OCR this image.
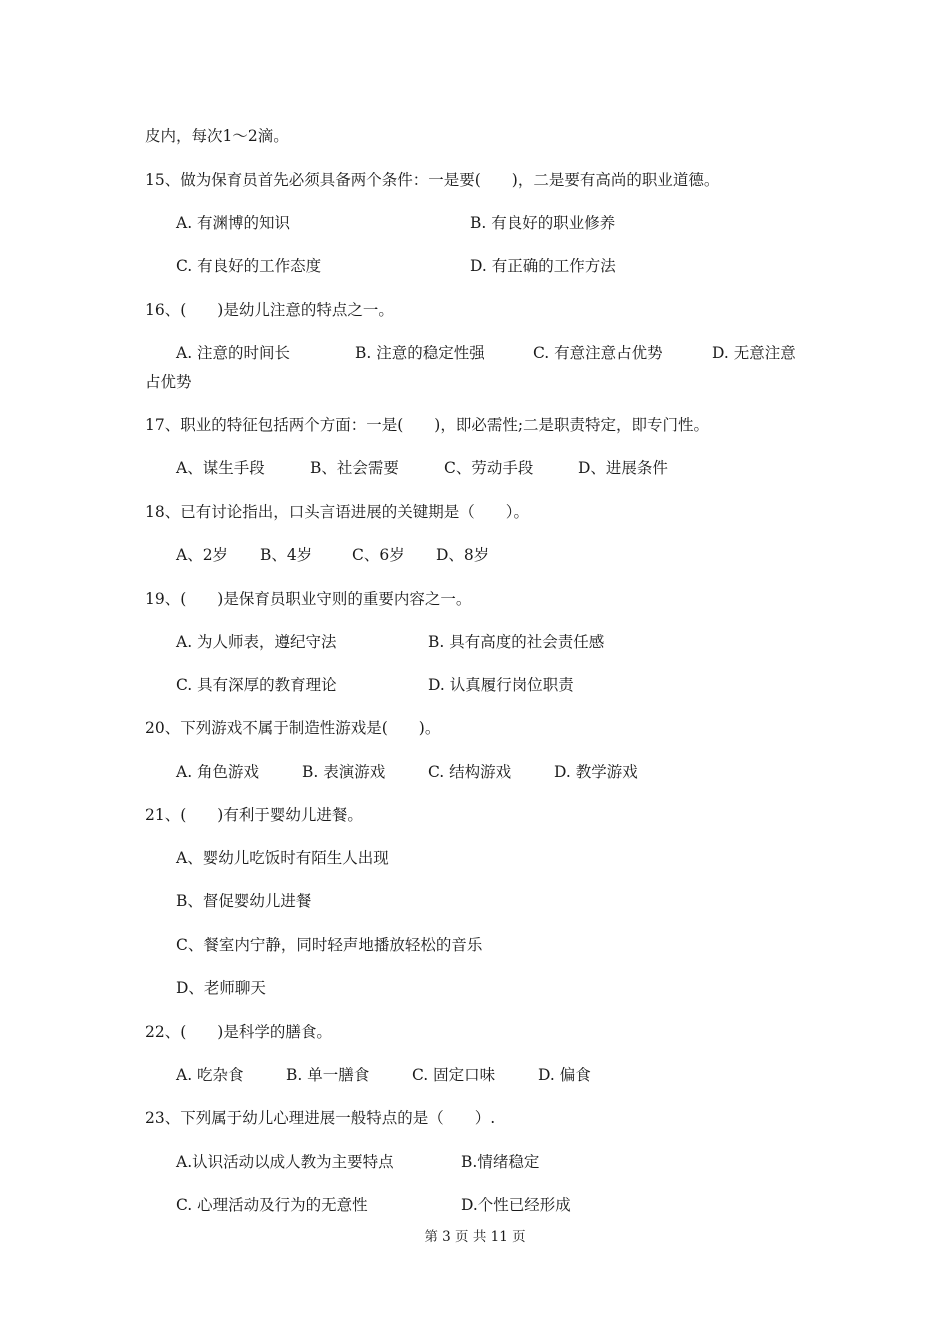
皮内，每次1～2滴。
15、做为保育员首先必须具备两个条件：一是要(　　)，二是要有高尚的职业道德。
A. 有渊博的知识	B. 有良好的职业修养
C. 有良好的工作态度	D. 有正确的工作方法
16、(　　)是幼儿注意的特点之一。
A. 注意的时间长	B. 注意的稳定性强	C. 有意注意占优势	D. 无意注意
占优势
17、职业的特征包括两个方面：一是(　　)，即必需性;二是职责特定，即专门性。
A、谋生手段	B、社会需要	C、劳动手段	D、进展条件
18、已有讨论指出，口头言语进展的关键期是（　　）。
A、2岁 B、4岁	C、6岁 D、8岁
19、(　　)是保育员职业守则的重要内容之一。
A. 为人师表，遵纪守法	B. 具有高度的社会责任感
C. 具有深厚的教育理论	D. 认真履行岗位职责
20、下列游戏不属于制造性游戏是(　　)。
A. 角色游戏	B. 表演游戏	C. 结构游戏	D. 教学游戏
21、(　　)有利于婴幼儿进餐。
A、婴幼儿吃饭时有陌生人出现
B、督促婴幼儿进餐
C、餐室内宁静，同时轻声地播放轻松的音乐
D、老师聊天
22、(　　)是科学的膳食。
A. 吃杂食	B. 单一膳食	C. 固定口味	D. 偏食
23、下列属于幼儿心理进展一般特点的是（　　）.
A.认识活动以成人教为主要特点	B.情绪稳定
C. 心理活动及行为的无意性	D.个性已经形成
第 3 页 共 11 页
